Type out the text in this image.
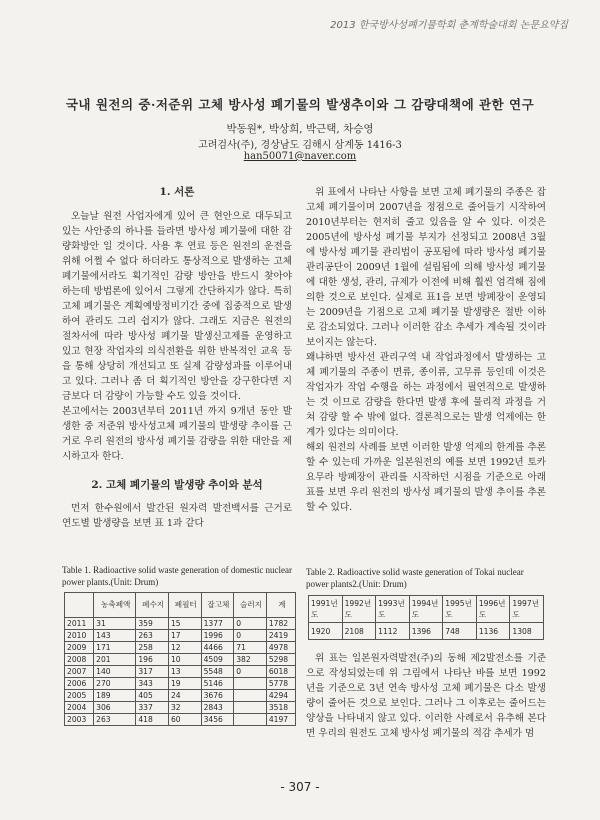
2013 한국방사성폐기물학회 춘계학술대회 논문요약집
국내 원전의 중·저준위 고체 방사성 폐기물의 발생추이와 그 감량대책에 관한 연구
박동원*, 박상희, 박근택, 차승영
고려검사(주), 경상남도 김해시 삼계동 1416-3
han50071@naver.com

1. 서론

오늘날 원전 사업자에게 있어 큰 현안으로 대두되고 있는 사안중의 하나를 들라면 방사성 폐기물에 대한 감량화방안 일 것이다. 사용 후 연료 등은 원전의 운전을 위해 어쩔 수 없다 하더라도 통상적으로 발생하는 고체 폐기물에서라도 획기적인 감량 방안을 반드시 찾아야 하는데 방법론에 있어서 그렇게 간단하지가 않다. 특히 고체 폐기물은 계획예방정비기간 중에 집중적으로 발생하여 관리도 그리 쉽지가 않다. 그래도 지금은 원전의 절차서에 따라 방사성 폐기물 발생신고제를 운영하고 있고 현장 작업자의 의식전환을 위한 반복적인 교육 등을 통해 상당히 개선되고 또 실제 감량성과를 이루어내고 있다. 그러나 좀 더 획기적인 방안을 강구한다면 지금보다 더 감량이 가능할 수도 있을 것이다.

본고에서는 2003년부터 2011년 까지 9개년 동안 발생한 중 저준위 방사성고체 폐기물의 발생량 추이를 근거로 우리 원전의 방사성 폐기물 감량을 위한 대안을 제시하고자 한다.

2. 고체 폐기물의 발생량 추이와 분석

먼저 한수원에서 발간된 원자력 발전백서를 근거로 연도별 발생량을 보면 표 1과 같다

위 표에서 나타난 사항을 보면 고체 폐기물의 주종은 잡 고체 폐기물이며 2007년을 정점으로 줄어들기 시작하여 2010년부터는 현저히 줄고 있음을 알 수 있다. 이것은 2005년에 방사성 폐기물 부지가 선정되고 2008년 3월에 방사성 폐기물 관리법이 공포됨에 따라 방사성 폐기물 관리공단이 2009년 1월에 설립됨에 의해 방사성 폐기물에 대한 생성, 관리, 규제가 이전에 비해 훨씬 엄격해 짐에 의한 것으로 보인다. 실제로 표1을 보면 방폐장이 운영되는 2009년을 기점으로 고체 폐기물 발생량은 절반 이하로 감소되었다. 그러나 이러한 감소 추세가 계속될 것이라 보이지는 않는다.

왜냐하면 방사선 관리구역 내 작업과정에서 발생하는 고체 폐기물의 주종이 면류, 종이류, 고무류 등인데 이것은 작업자가 작업 수행을 하는 과정에서 필연적으로 발생하는 것 이므로 감량을 한다면 발생 후에 물리적 과정을 거쳐 감량 할 수 밖에 없다. 결론적으로는 발생 억제에는 한계가 있다는 의미이다.

해외 원전의 사례를 보면 이러한 발생 억제의 한계를 추론 할 수 있는데 가까운 일본원전의 예를 보면 1992년 토카요무라 방폐장이 관리를 시작하던 시점을 기준으로 아래 표를 보면 우리 원전의 방사성 폐기물의 발생 추이를 추론할 수 있다.

위 표는 일본원자력발전(주)의 동해 제2발전소를 기준으로 작성되었는데 위 그림에서 나타난 바를 보면 1992년을 기준으로 3년 연속 방사성 고체 폐기물은 다소 발생량이 줄어든 것으로 보인다. 그러나 그 이후로는 줄어드는 양상을 나타내지 않고 있다. 이러한 사례로서 유추해 본다면 우리의 원전도 고체 방사성 폐기물의 적감 추세가 멈

Table 1. Radioactive solid waste generation of domestic nuclear power plants.(Unit: Drum)
	농축폐액	폐수지	폐필터	잡고체	슬러지	계
2011	31	359	15	1377	0	1782
2010	143	263	17	1996	0	2419
2009	171	258	12	4466	71	4978
2008	201	196	10	4509	382	5298
2007	140	317	13	5548	0	6018
2006	270	343	19	5146		5778
2005	189	405	24	3676		4294
2004	306	337	32	2843		3518
2003	263	418	60	3456		4197
Table 2. Radioactive solid waste generation of Tokai nuclear power plants2.(Unit: Drum)
1991년도	1992년도	1993년도	1994년도	1995년도	1996년도	1997년도
1920	2108	1112	1396	748	1136	1308
- 307 -
